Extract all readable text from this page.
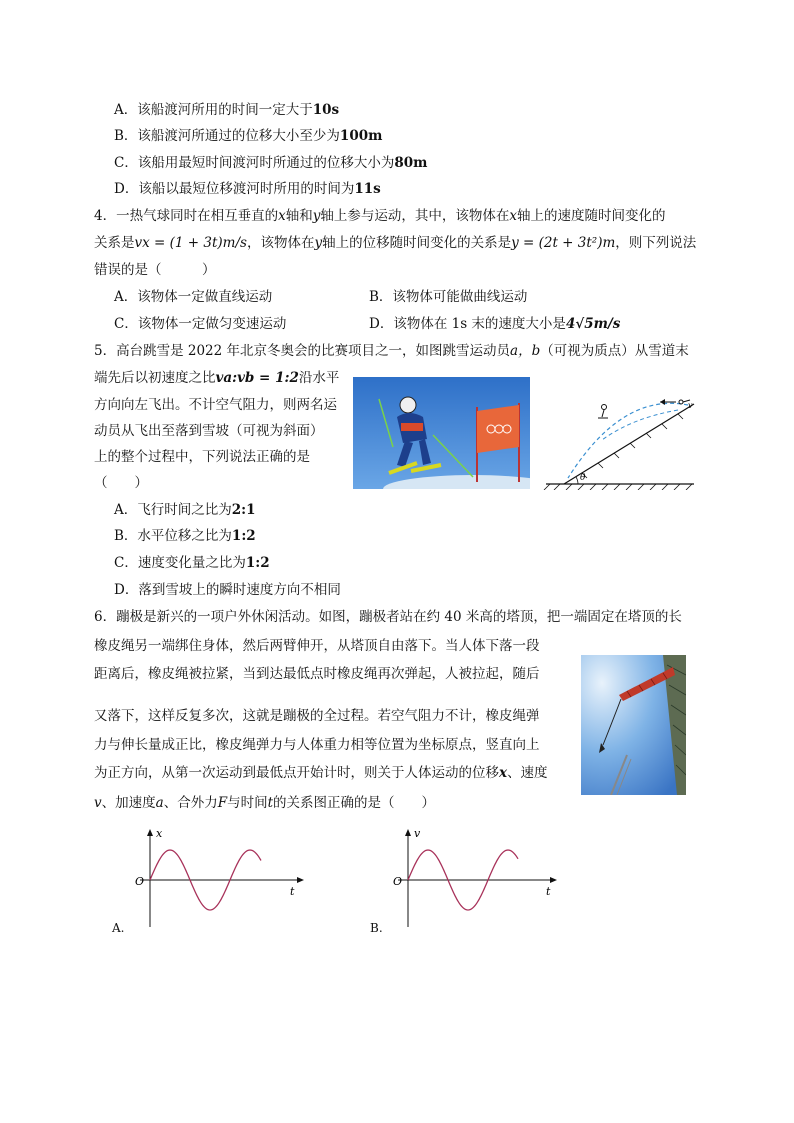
A．该船渡河所用的时间一定大于10s
B．该船渡河所通过的位移大小至少为100m
C．该船用最短时间渡河时所通过的位移大小为80m
D．该船以最短位移渡河时所用的时间为11s
4．一热气球同时在相互垂直的x轴和y轴上参与运动，其中，该物体在x轴上的速度随时间变化的
关系是vx = (1 + 3t)m/s，该物体在y轴上的位移随时间变化的关系是y = (2t + 3t²)m，则下列说法
错误的是（　　　）
A．该物体一定做直线运动	B．该物体可能做曲线运动
C．该物体一定做匀变速运动	D．该物体在 1s 末的速度大小是4√5m/s
5．高台跳雪是 2022 年北京冬奥会的比赛项目之一，如图跳雪运动员a，b（可视为质点）从雪道末
端先后以初速度之比va:vb = 1:2沿水平
方向向左飞出。不计空气阻力，则两名运
动员从飞出至落到雪坡（可视为斜面）
上的整个过程中，下列说法正确的是
（　　）	θ
v
A．飞行时间之比为2:1
B．水平位移之比为1:2
C．速度变化量之比为1:2
D．落到雪坡上的瞬时速度方向不相同
6．蹦极是新兴的一项户外休闲活动。如图，蹦极者站在约 40 米高的塔顶，把一端固定在塔顶的长
橡皮绳另一端绑住身体，然后两臂伸开，从塔顶自由落下。当人体下落一段
距离后，橡皮绳被拉紧，当到达最低点时橡皮绳再次弹起，人被拉起，随后
又落下，这样反复多次，这就是蹦极的全过程。若空气阻力不计，橡皮绳弹
力与伸长量成正比，橡皮绳弹力与人体重力相等位置为坐标原点，竖直向上
为正方向，从第一次运动到最低点开始计时，则关于人体运动的位移x、速度
v、加速度a、合外力F与时间t的关系图正确的是（　　）
x
t
O
A.
v
t
O
B.
